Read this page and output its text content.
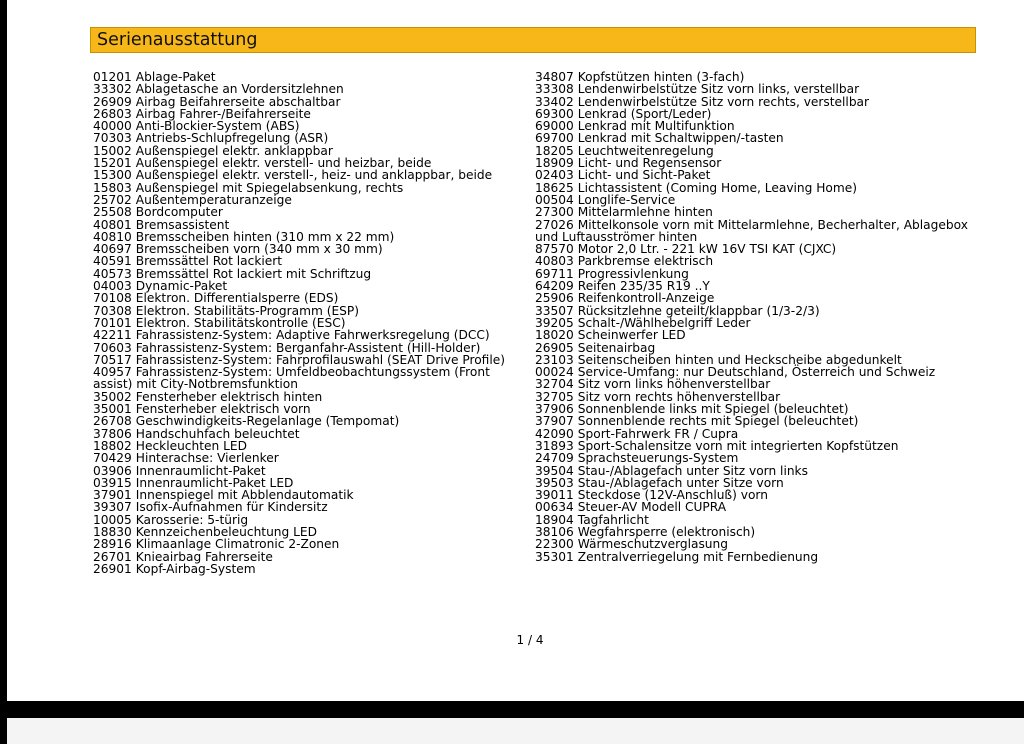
Serienausstattung
01201 Ablage-Paket
33302 Ablagetasche an Vordersitzlehnen
26909 Airbag Beifahrerseite abschaltbar
26803 Airbag Fahrer-/Beifahrerseite
40000 Anti-Blockier-System (ABS)
70303 Antriebs-Schlupfregelung (ASR)
15002 Außenspiegel elektr. anklappbar
15201 Außenspiegel elektr. verstell- und heizbar, beide
15300 Außenspiegel elektr. verstell-, heiz- und anklappbar, beide
15803 Außenspiegel mit Spiegelabsenkung, rechts
25702 Außentemperaturanzeige
25508 Bordcomputer
40801 Bremsassistent
40810 Bremsscheiben hinten (310 mm x 22 mm)
40697 Bremsscheiben vorn (340 mm x 30 mm)
40591 Bremssättel Rot lackiert
40573 Bremssättel Rot lackiert mit Schriftzug
04003 Dynamic-Paket
70108 Elektron. Differentialsperre (EDS)
70308 Elektron. Stabilitäts-Programm (ESP)
70101 Elektron. Stabilitätskontrolle (ESC)
42211 Fahrassistenz-System: Adaptive Fahrwerksregelung (DCC)
70603 Fahrassistenz-System: Berganfahr-Assistent (Hill-Holder)
70517 Fahrassistenz-System: Fahrprofilauswahl (SEAT Drive Profile)
40957 Fahrassistenz-System: Umfeldbeobachtungssystem (Front assist) mit City-Notbremsfunktion
35002 Fensterheber elektrisch hinten
35001 Fensterheber elektrisch vorn
26708 Geschwindigkeits-Regelanlage (Tempomat)
37806 Handschuhfach beleuchtet
18802 Heckleuchten LED
70429 Hinterachse: Vierlenker
03906 Innenraumlicht-Paket
03915 Innenraumlicht-Paket LED
37901 Innenspiegel mit Abblendautomatik
39307 Isofix-Aufnahmen für Kindersitz
10005 Karosserie: 5-türig
18830 Kennzeichenbeleuchtung LED
28916 Klimaanlage Climatronic 2-Zonen
26701 Knieairbag Fahrerseite
26901 Kopf-Airbag-System
34807 Kopfstützen hinten (3-fach)
33308 Lendenwirbelstütze Sitz vorn links, verstellbar
33402 Lendenwirbelstütze Sitz vorn rechts, verstellbar
69300 Lenkrad (Sport/Leder)
69000 Lenkrad mit Multifunktion
69700 Lenkrad mit Schaltwippen/-tasten
18205 Leuchtweitenregelung
18909 Licht- und Regensensor
02403 Licht- und Sicht-Paket
18625 Lichtassistent (Coming Home, Leaving Home)
00504 Longlife-Service
27300 Mittelarmlehne hinten
27026 Mittelkonsole vorn mit Mittelarmlehne, Becherhalter, Ablagebox und Luftausströmer hinten
87570 Motor 2,0 Ltr. - 221 kW 16V TSI KAT (CJXC)
40803 Parkbremse elektrisch
69711 Progressivlenkung
64209 Reifen 235/35 R19 ..Y
25906 Reifenkontroll-Anzeige
33507 Rücksitzlehne geteilt/klappbar (1/3-2/3)
39205 Schalt-/Wählhebelgriff Leder
18020 Scheinwerfer LED
26905 Seitenairbag
23103 Seitenscheiben hinten und Heckscheibe abgedunkelt
00024 Service-Umfang: nur Deutschland, Österreich und Schweiz
32704 Sitz vorn links höhenverstellbar
32705 Sitz vorn rechts höhenverstellbar
37906 Sonnenblende links mit Spiegel (beleuchtet)
37907 Sonnenblende rechts mit Spiegel (beleuchtet)
42090 Sport-Fahrwerk FR / Cupra
31893 Sport-Schalensitze vorn mit integrierten Kopfstützen
24709 Sprachsteuerungs-System
39504 Stau-/Ablagefach unter Sitz vorn links
39503 Stau-/Ablagefach unter Sitze vorn
39011 Steckdose (12V-Anschluß) vorn
00634 Steuer-AV Modell CUPRA
18904 Tagfahrlicht
38106 Wegfahrsperre (elektronisch)
22300 Wärmeschutzverglasung
35301 Zentralverriegelung mit Fernbedienung
1 / 4
